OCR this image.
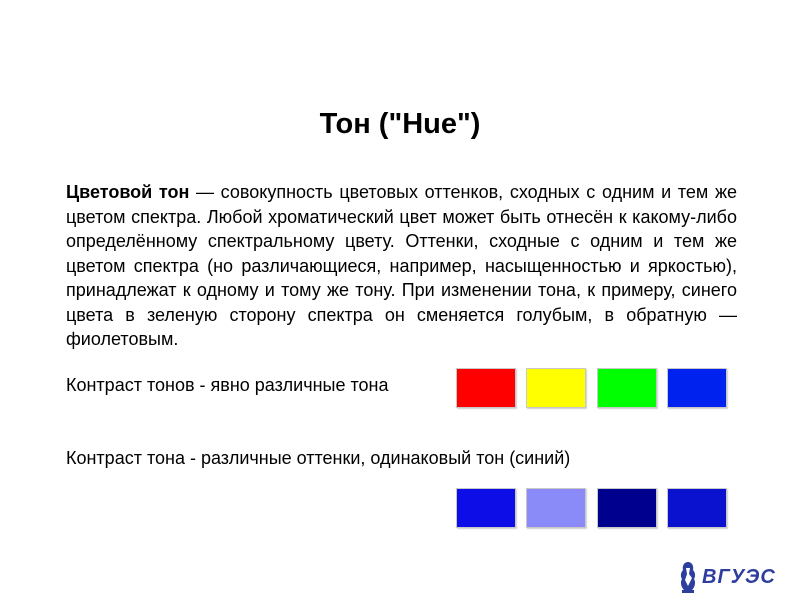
Тон ("Hue")
Цветовой тон — совокупность цветовых оттенков, сходных с одним и тем же цветом спектра. Любой хроматический цвет может быть отнесён к какому-либо определённому спектральному цвету. Оттенки, сходные с одним и тем же цветом спектра (но различающиеся, например, насыщенностью и яркостью), принадлежат к одному и тому же тону. При изменении тона, к примеру, синего цвета в зеленую сторону спектра он сменяется голубым, в обратную — фиолетовым.
Контраст тонов - явно различные тона
Контраст тона - различные оттенки, одинаковый тон (синий)
ВГУЭС
